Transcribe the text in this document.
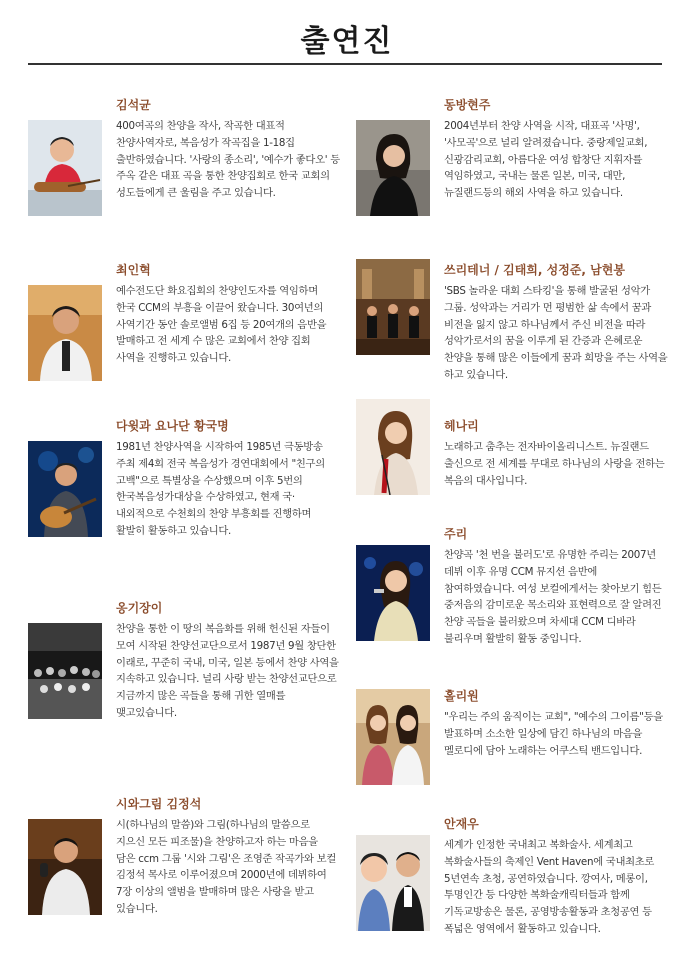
출연진
김석균
400여곡의 찬양을 작사, 작곡한 대표적 찬양사역자로, 복음성가 작곡집을 1-18집 출반하였습니다. '사랑의 종소리', '예수가 좋다오' 등 주옥 같은 대표 곡을 통한 찬양집회로 한국 교회의 성도들에게 큰 울림을 주고 있습니다.
최인혁
예수전도단 화요집회의 찬양인도자를 역임하며 한국 CCM의 부흥을 이끌어 왔습니다. 30여년의 사역기간 동안 솔로앨범 6집 등 20여개의 음반을 발매하고 전 세계 수 많은 교회에서 찬양 집회 사역을 진행하고 있습니다.
다윗과 요나단 황국명
1981년 찬양사역을 시작하여 1985년 극동방송 주최 제4회 전국 복음성가 경연대회에서 "친구의 고백"으로 특별상을 수상했으며 이후 5번의 한국복음성가대상을 수상하였고, 현재 국·내외적으로 수천회의 찬양 부흥회를 진행하며 활발히 활동하고 있습니다.
옹기장이
찬양을 통한 이 땅의 복음화를 위해 헌신된 자들이 모여 시작된 찬양선교단으로서 1987년 9월 창단한 이래로, 꾸준히 국내, 미국, 일본 등에서 찬양 사역을 지속하고 있습니다. 널리 사랑 받는 찬양선교단으로 지금까지 많은 곡들을 통해 귀한 열매를 맺고있습니다.
시와그림 김정석
시(하나님의 말씀)와 그림(하나님의 말씀으로 지으신 모든 피조물)을 찬양하고자 하는 마음을 담은 ccm 그룹 '시와 그림'은 조영준 작곡가와 보컬 김정석 목사로 이루어졌으며 2000년에 데뷔하여 7장 이상의 앨범을 발매하며 많은 사랑을 받고 있습니다.
동방현주
2004년부터 찬양 사역을 시작, 대표곡 '사명', '사모곡'으로 널리 알려졌습니다. 중랑제일교회, 신광감리교회, 아름다운 여성 합창단 지휘자를 역임하였고, 국내는 물론 일본, 미국, 대만, 뉴질랜드등의 해외 사역을 하고 있습니다.
쓰리테너 / 김태희, 성정준, 남현봉
'SBS 놀라운 대회 스타킹'을 통해 발굴된 성악가 그룹. 성악과는 거리가 먼 평범한 삶 속에서 꿈과 비전을 잃지 않고 하나님께서 주신 비전을 따라 성악가로서의 꿈을 이루게 된 간증과 은혜로운 찬양을 통해 많은 이들에게 꿈과 희망을 주는 사역을 하고 있습니다.
헤나리
노래하고 춤추는 전자바이올리니스트. 뉴질랜드 출신으로 전 세계를 무대로 하나님의 사랑을 전하는 복음의 대사입니다.
주리
찬양곡 '천 번을 불러도'로 유명한 주리는 2007년 데뷔 이후 유명 CCM 뮤지션 음반에 참여하였습니다. 여성 보컬에게서는 찾아보기 힘든 중저음의 감미로운 목소리와 표현력으로 잘 알려진 찬양 곡들을 불러왔으며 차세대 CCM 디바라 불리우며 활발히 활동 중입니다.
홀리원
"우리는 주의 움직이는 교회", "예수의 그이름"등을 발표하며 소소한 일상에 담긴 하나님의 마음을 멜로디에 담아 노래하는 어쿠스틱 밴드입니다.
안재우
세계가 인정한 국내최고 복화술사. 세계최고 복화술사들의 축제인 Vent Haven에 국내최초로 5년연속 초청, 공연하였습니다. 깡여사, 메롱이, 투명인간 등 다양한 복화술캐릭터들과 함께 기독교방송은 물론, 공영방송활동과 초청공연 등 폭넓은 영역에서 활동하고 있습니다.
